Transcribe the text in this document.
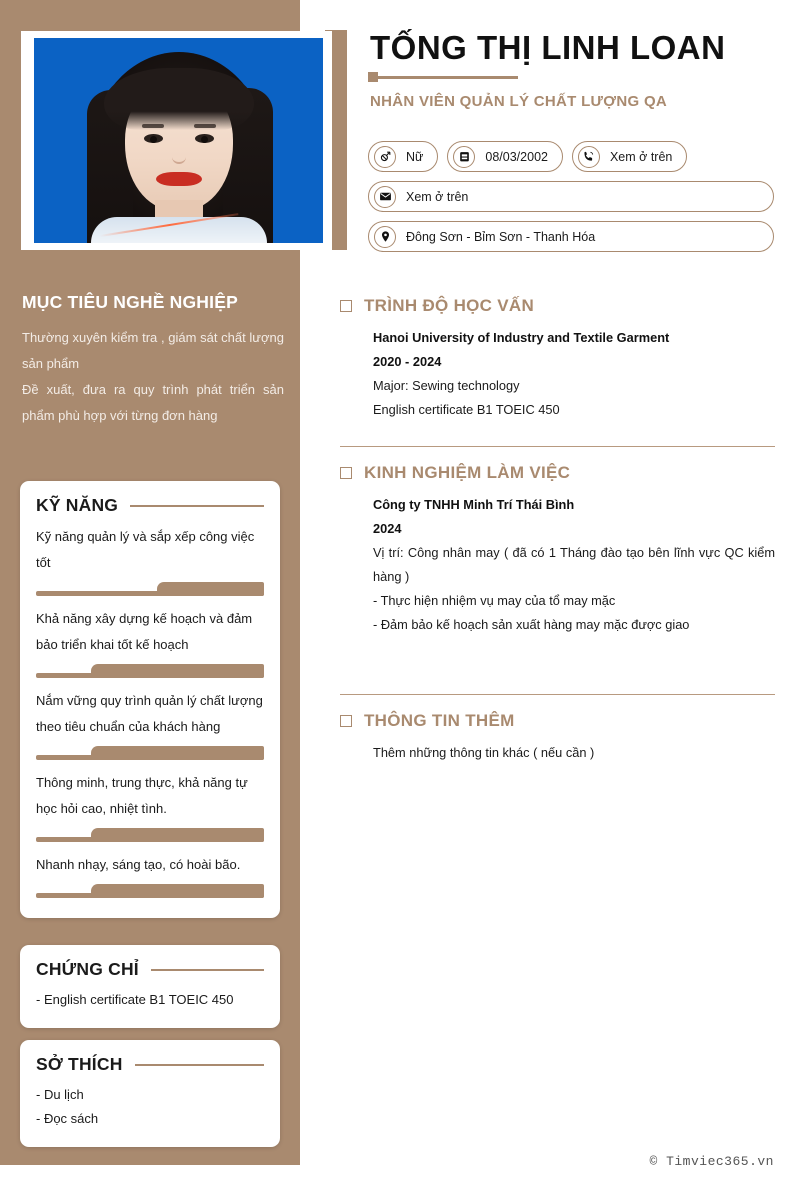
MỤC TIÊU NGHỀ NGHIỆP

Thường xuyên kiểm tra , giám sát chất lượng sản phẩm

Đề xuất, đưa ra quy trình phát triển sản phẩm phù hợp với từng đơn hàng

KỸ NĂNG

Kỹ năng quản lý và sắp xếp công việc tốt

Khả năng xây dựng kế hoạch và đảm bảo triển khai tốt kế hoạch

Nắm vững quy trình quản lý chất lượng theo tiêu chuẩn của khách hàng

Thông minh, trung thực, khả năng tự học hỏi cao, nhiệt tình.

Nhanh nhạy, sáng tạo, có hoài bão.

CHỨNG CHỈ
- English certificate B1 TOEIC 450
SỞ THÍCH
- Du lịch
- Đọc sách
TỐNG THỊ LINH LOAN
NHÂN VIÊN QUẢN LÝ CHẤT LƯỢNG QA
Nữ	08/03/2002	Xem ở trên
Xem ở trên
Đông Sơn - Bỉm Sơn - Thanh Hóa
TRÌNH ĐỘ HỌC VẤN
Hanoi University of Industry and Textile Garment
2020 - 2024
Major: Sewing technology
English certificate B1 TOEIC 450
KINH NGHIỆM LÀM VIỆC
Công ty TNHH Minh Trí Thái Bình
2024
Vị trí: Công nhân may ( đã có 1 Tháng đào tạo bên lĩnh vực QC kiểm hàng )
- Thực hiện nhiệm vụ may của tổ may mặc
- Đảm bảo kế hoạch sản xuất hàng may mặc được giao
THÔNG TIN THÊM
Thêm những thông tin khác ( nếu cần )
© Timviec365.vn
